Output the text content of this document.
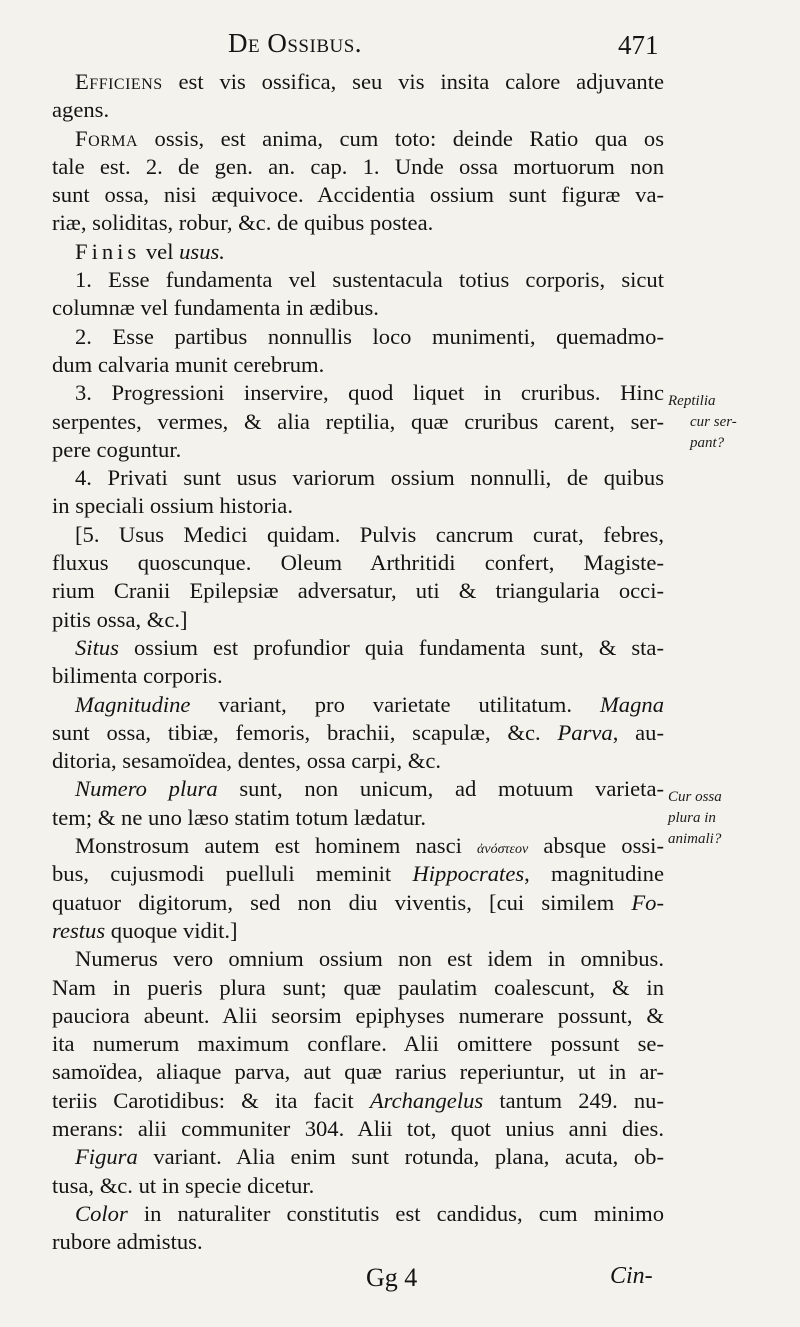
De Ossibus.	471
Efficiens est vis ossifica, seu vis insita calore adjuvante
agens.
Forma ossis, est anima, cum toto: deinde Ratio qua os
tale est. 2. de gen. an. cap. 1. Unde ossa mortuorum non
sunt ossa, nisi æquivoce. Accidentia ossium sunt figuræ va-
riæ, soliditas, robur, &c. de quibus postea.
Finis vel usus.
1. Esse fundamenta vel sustentacula totius corporis, sicut
columnæ vel fundamenta in ædibus.
2. Esse partibus nonnullis loco munimenti, quemadmo-
dum calvaria munit cerebrum.
3. Progressioni inservire, quod liquet in cruribus. Hinc
serpentes, vermes, & alia reptilia, quæ cruribus carent, ser-
pere coguntur.
4. Privati sunt usus variorum ossium nonnulli, de quibus
in speciali ossium historia.
[5. Usus Medici quidam. Pulvis cancrum curat, febres,
fluxus quoscunque. Oleum Arthritidi confert, Magiste-
rium Cranii Epilepsiæ adversatur, uti & triangularia occi-
pitis ossa, &c.]
Situs ossium est profundior quia fundamenta sunt, & sta-
bilimenta corporis.
Magnitudine variant, pro varietate utilitatum. Magna
sunt ossa, tibiæ, femoris, brachii, scapulæ, &c. Parva, au-
ditoria, sesamoïdea, dentes, ossa carpi, &c.
Numero plura sunt, non unicum, ad motuum varieta-
tem; & ne uno læso statim totum lædatur.
Monstrosum autem est hominem nasci ἀνόστεον absque ossi-
bus, cujusmodi puelluli meminit Hippocrates, magnitudine
quatuor digitorum, sed non diu viventis, [cui similem Fo-
restus quoque vidit.]
Numerus vero omnium ossium non est idem in omnibus.
Nam in pueris plura sunt; quæ paulatim coalescunt, & in
pauciora abeunt. Alii seorsim epiphyses numerare possunt, &
ita numerum maximum conflare. Alii omittere possunt se-
samoïdea, aliaque parva, aut quæ rarius reperiuntur, ut in ar-
teriis Carotidibus: & ita facit Archangelus tantum 249. nu-
merans: alii communiter 304. Alii tot, quot unius anni dies.
Figura variant. Alia enim sunt rotunda, plana, acuta, ob-
tusa, &c. ut in specie dicetur.
Color in naturaliter constitutis est candidus, cum minimo
rubore admistus.
Reptilia
cur ser-
pant?
Cur ossa
plura in
animali?
Gg 4	Cin-
